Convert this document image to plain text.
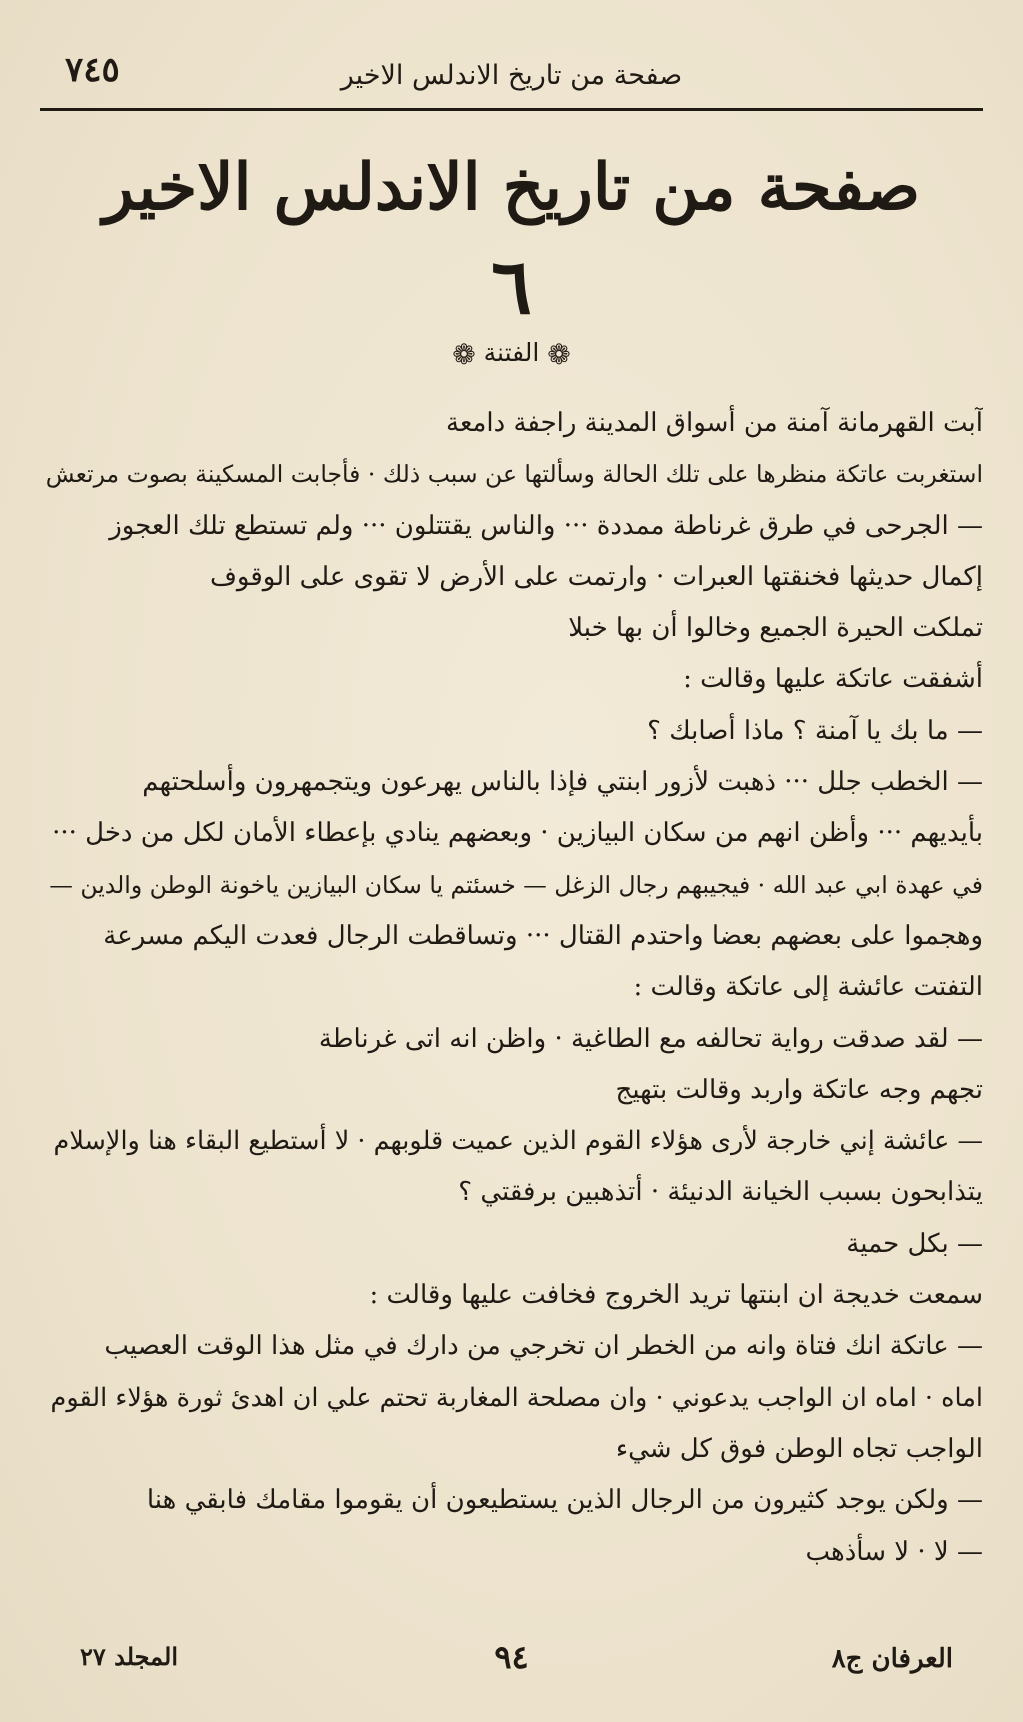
٧٤٥	صفحة من تاريخ الاندلس الاخير
صفحة من تاريخ الاندلس الاخير
٦
❁ الفتنة ❁
آبت القهرمانة آمنة من أسواق المدينة راجفة دامعة
استغربت عاتكة منظرها على تلك الحالة وسألتها عن سبب ذلك · فأجابت المسكينة بصوت مرتعش
— الجرحى في طرق غرناطة ممددة ··· والناس يقتتلون ··· ولم تستطع تلك العجوز
إكمال حديثها فخنقتها العبرات · وارتمت على الأرض لا تقوى على الوقوف
تملكت الحيرة الجميع وخالوا أن بها خبلا
أشفقت عاتكة عليها وقالت :
— ما بك يا آمنة ؟ ماذا أصابك ؟
— الخطب جلل ··· ذهبت لأزور ابنتي فإذا بالناس يهرعون ويتجمهرون وأسلحتهم
بأيديهم ··· وأظن انهم من سكان البيازين · وبعضهم ينادي بإعطاء الأمان لكل من دخل ···
في عهدة ابي عبد الله · فيجيبهم رجال الزغل — خسئتم يا سكان البيازين ياخونة الوطن والدين —
وهجموا على بعضهم بعضا واحتدم القتال ··· وتساقطت الرجال فعدت اليكم مسرعة
التفتت عائشة إلى عاتكة وقالت :
— لقد صدقت رواية تحالفه مع الطاغية · واظن انه اتى غرناطة
تجهم وجه عاتكة واربد وقالت بتهيج
— عائشة إني خارجة لأرى هؤلاء القوم الذين عميت قلوبهم · لا أستطيع البقاء هنا والإسلام
يتذابحون بسبب الخيانة الدنيئة · أتذهبين برفقتي ؟
— بكل حمية
سمعت خديجة ان ابنتها تريد الخروج فخافت عليها وقالت :
— عاتكة انك فتاة وانه من الخطر ان تخرجي من دارك في مثل هذا الوقت العصيب
اماه · اماه ان الواجب يدعوني · وان مصلحة المغاربة تحتم علي ان اهدئ ثورة هؤلاء القوم
الواجب تجاه الوطن فوق كل شيء
— ولكن يوجد كثيرون من الرجال الذين يستطيعون أن يقوموا مقامك فابقي هنا
— لا · لا سأذهب
المجلد ٢٧	٩٤	العرفان ج٨
